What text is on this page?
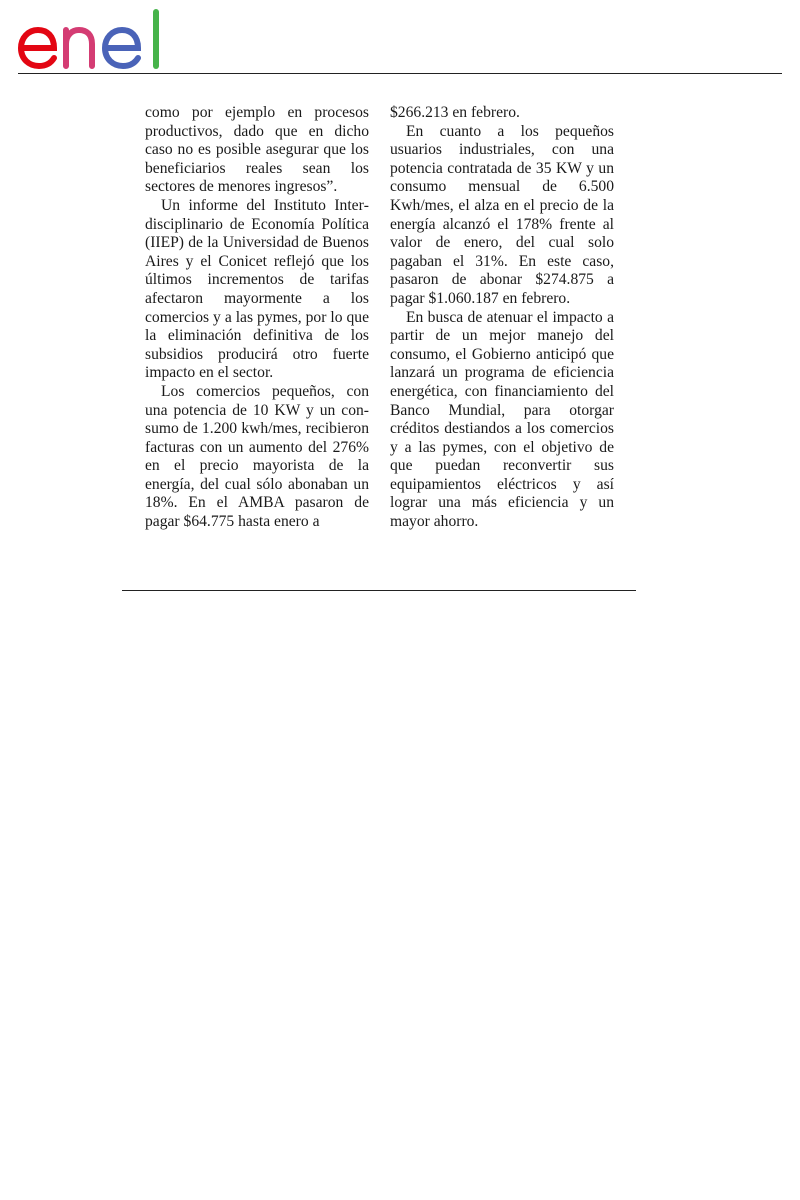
como por ejemplo en procesos productivos, dado que en dicho caso no es posible asegurar que los beneficiarios reales sean los sectores de menores ingresos”.

Un informe del Instituto Interdisciplinario de Economía Política (IIEP) de la Universidad de Buenos Aires y el Conicet reflejó que los últimos incrementos de tarifas afectaron mayormente a los comercios y a las pymes, por lo que la eliminación definitiva de los subsidios producirá otro fuerte impacto en el sector.

Los comercios pequeños, con una potencia de 10 KW y un consumo de 1.200 kwh/mes, recibieron facturas con un aumento del 276% en el precio mayorista de la energía, del cual sólo abonaban un 18%. En el AMBA pasaron de pagar $64.775 hasta enero a

$266.213 en febrero.

En cuanto a los pequeños usuarios industriales, con una potencia contratada de 35 KW y un consumo mensual de 6.500 Kwh/mes, el alza en el precio de la energía alcanzó el 178% frente al valor de enero, del cual solo pagaban el 31%. En este caso, pasaron de abonar $274.875 a pagar $1.060.187 en febrero.

En busca de atenuar el impacto a partir de un mejor manejo del consumo, el Gobierno anticipó que lanzará un programa de eficiencia energética, con financiamiento del Banco Mundial, para otorgar créditos destiandos a los comercios y a las pymes, con el objetivo de que puedan reconvertir sus equipamientos eléctricos y así lograr una más eficiencia y un mayor ahorro.
